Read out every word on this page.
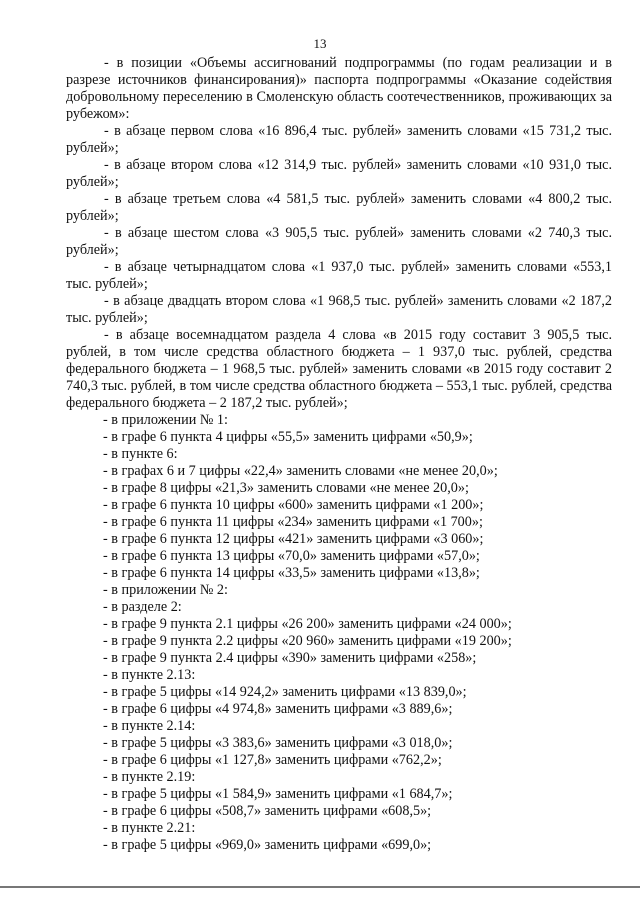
13

- в позиции «Объемы ассигнований подпрограммы (по годам реализации и в разрезе источников финансирования)» паспорта подпрограммы «Оказание содействия добровольному переселению в Смоленскую область соотечественников, проживающих за рубежом»:

- в абзаце первом слова «16 896,4 тыс. рублей» заменить словами «15 731,2 тыс. рублей»;

- в абзаце втором слова «12 314,9 тыс. рублей» заменить словами «10 931,0 тыс. рублей»;

- в абзаце третьем слова «4 581,5 тыс. рублей» заменить словами «4 800,2 тыс. рублей»;

- в абзаце шестом слова «3 905,5 тыс. рублей» заменить словами «2 740,3 тыс. рублей»;

- в абзаце четырнадцатом слова «1 937,0 тыс. рублей» заменить словами «553,1 тыс. рублей»;

- в абзаце двадцать втором слова «1 968,5 тыс. рублей» заменить словами «2 187,2 тыс. рублей»;

- в абзаце восемнадцатом раздела 4 слова «в 2015 году составит 3 905,5 тыс. рублей, в том числе средства областного бюджета – 1 937,0 тыс. рублей, средства федерального бюджета – 1 968,5 тыс. рублей» заменить словами «в 2015 году составит 2 740,3 тыс. рублей, в том числе средства областного бюджета – 553,1 тыс. рублей, средства федерального бюджета – 2 187,2 тыс. рублей»;

- в приложении № 1:
- в графе 6 пункта 4 цифры «55,5» заменить цифрами «50,9»;
- в пункте 6:
- в графах 6 и 7 цифры «22,4» заменить словами «не менее 20,0»;
- в графе 8 цифры «21,3» заменить словами «не менее 20,0»;
- в графе 6 пункта 10 цифры «600» заменить цифрами «1 200»;
- в графе 6 пункта 11 цифры «234» заменить цифрами «1 700»;
- в графе 6 пункта 12 цифры «421» заменить цифрами «3 060»;
- в графе 6 пункта 13 цифры «70,0» заменить цифрами «57,0»;
- в графе 6 пункта 14 цифры «33,5» заменить цифрами «13,8»;
- в приложении № 2:
- в разделе 2:
- в графе 9 пункта 2.1 цифры «26 200» заменить цифрами «24 000»;
- в графе 9 пункта 2.2 цифры «20 960» заменить цифрами «19 200»;
- в графе 9 пункта 2.4 цифры «390» заменить цифрами «258»;
- в пункте 2.13:
- в графе 5 цифры «14 924,2» заменить цифрами «13 839,0»;
- в графе 6 цифры «4 974,8» заменить цифрами «3 889,6»;
- в пункте 2.14:
- в графе 5 цифры «3 383,6» заменить цифрами «3 018,0»;
- в графе 6 цифры «1 127,8» заменить цифрами «762,2»;
- в пункте 2.19:
- в графе 5 цифры «1 584,9» заменить цифрами «1 684,7»;
- в графе 6 цифры «508,7» заменить цифрами «608,5»;
- в пункте 2.21:
- в графе 5 цифры «969,0» заменить цифрами «699,0»;
